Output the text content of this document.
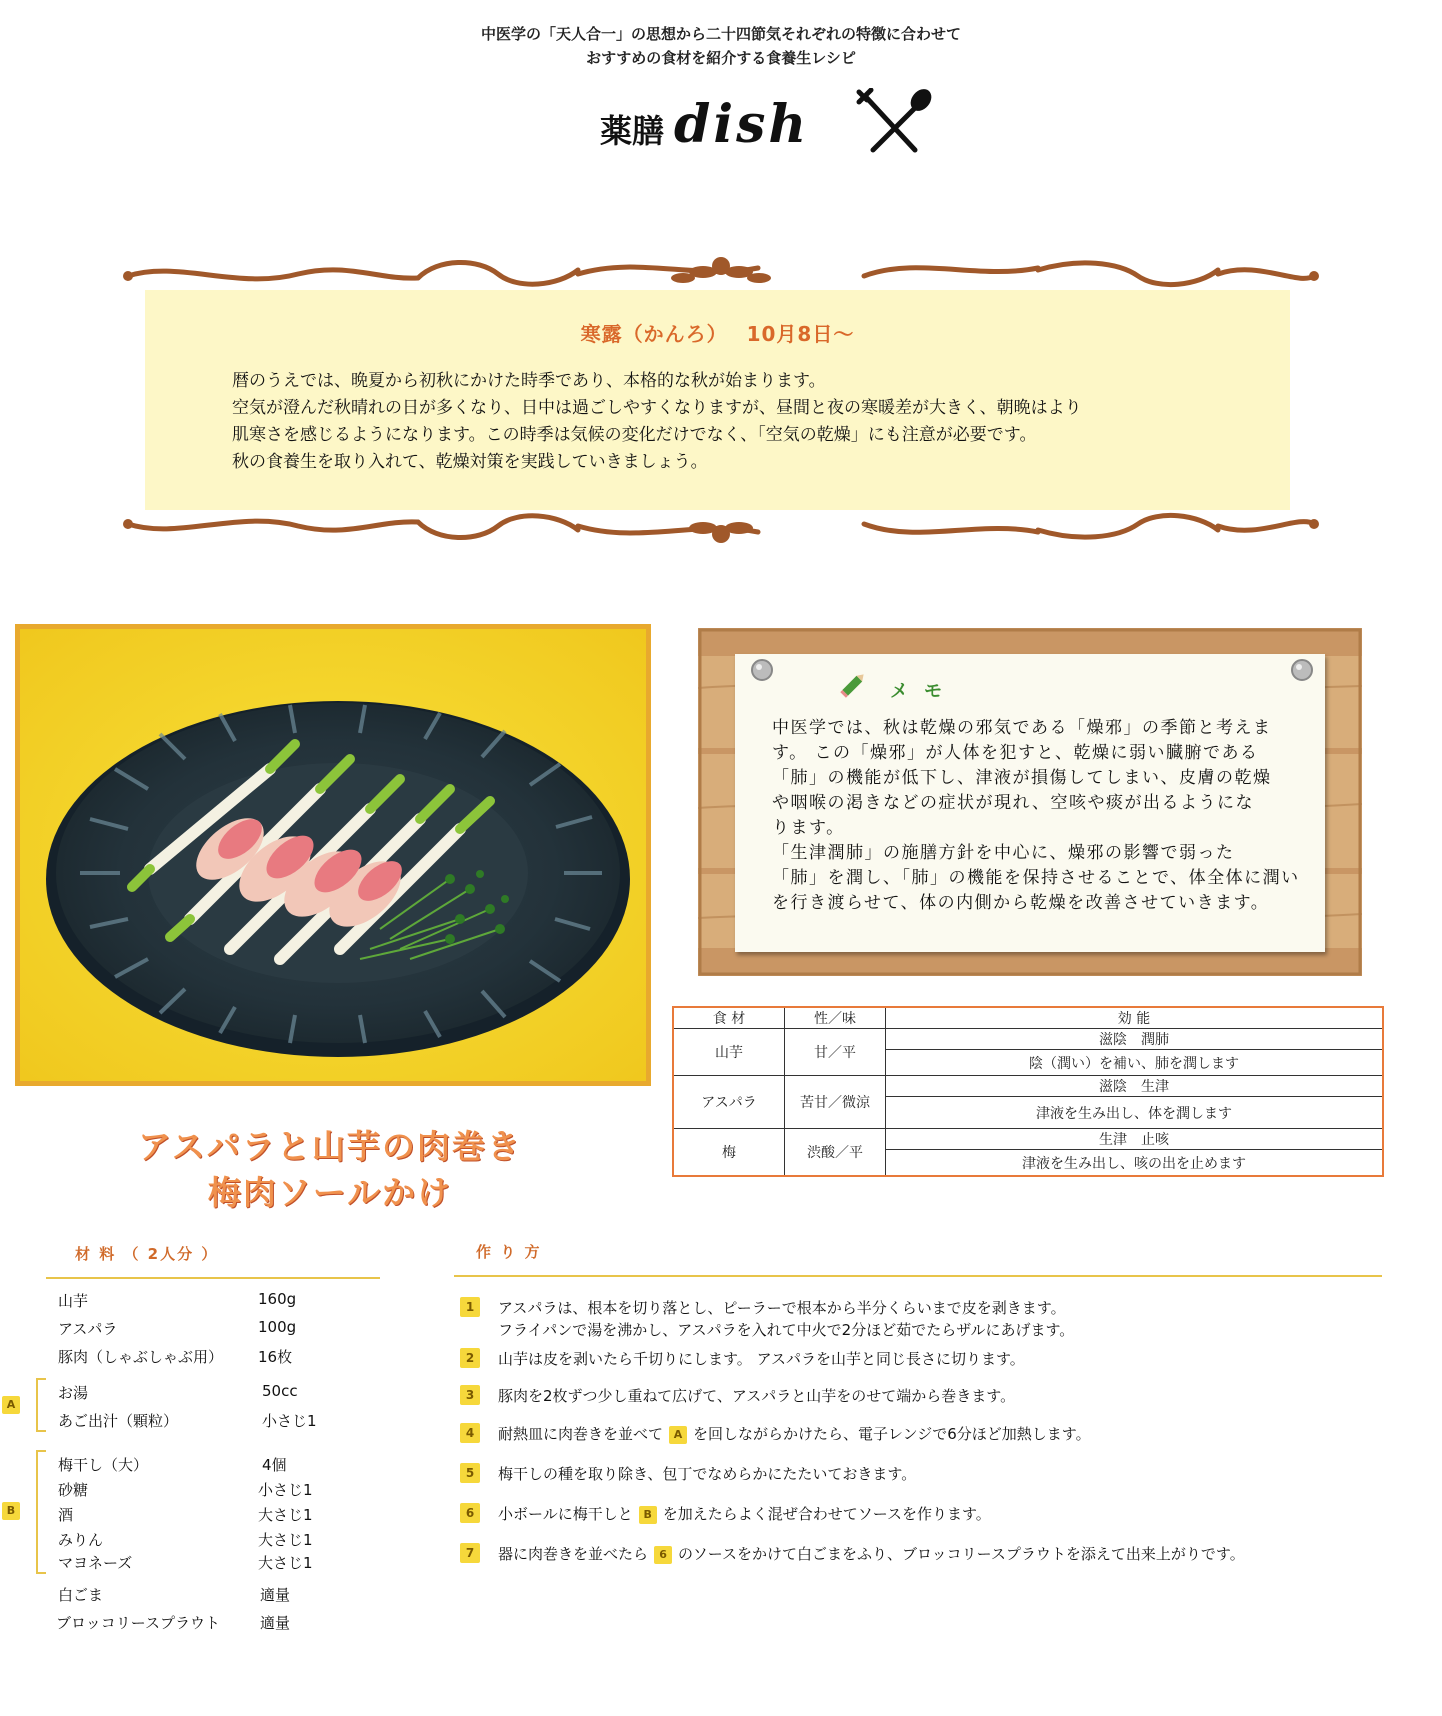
中医学の「天人合一」の思想から二十四節気それぞれの特徴に合わせて
おすすめの食材を紹介する食養生レシピ
薬膳 dish
寒露（かんろ）　 10月8日～

暦のうえでは、晩夏から初秋にかけた時季であり、本格的な秋が始まります。

空気が澄んだ秋晴れの日が多くなり、日中は過ごしやすくなりますが、昼間と夜の寒暖差が大きく、朝晩はより

肌寒さを感じるようになります。この時季は気候の変化だけでなく、「空気の乾燥」にも注意が必要です。

秋の食養生を取り入れて、乾燥対策を実践していきましょう。

メモ

中医学では、秋は乾燥の邪気である「燥邪」の季節と考えま

す。 この「燥邪」が人体を犯すと、乾燥に弱い臓腑である

「肺」の機能が低下し、津液が損傷してしまい、皮膚の乾燥

や咽喉の渇きなどの症状が現れ、空咳や痰が出るようにな

ります。

「生津潤肺」の施膳方針を中心に、燥邪の影響で弱った

「肺」を潤し、「肺」の機能を保持させることで、体全体に潤い

を行き渡らせて、体の内側から乾燥を改善させていきます。

食 材	性／味	効 能
山芋	甘／平	滋陰　潤肺
		陰（潤い）を補い、肺を潤します
アスパラ	苦甘／微涼	滋陰　生津
		津液を生み出し、体を潤します
梅	渋酸／平	生津　止咳
		津液を生み出し、咳の出を止めます
アスパラと山芋の肉巻き
梅肉ソールかけ
材 料 （ 2人分 ）
山芋	160g
アスパラ	100g
豚肉（しゃぶしゃぶ用） 16枚
A
お湯	50cc
あご出汁（顆粒）	小さじ1
B
梅干し（大）	4個
砂糖	小さじ1
酒	大さじ1
みりん	大さじ1
マヨネーズ	大さじ1
白ごま	適量
ブロッコリースプラウト	適量
作 り 方
1	アスパラは、根本を切り落とし、ピーラーで根本から半分くらいまで皮を剥きます。
フライパンで湯を沸かし、アスパラを入れて中火で2分ほど茹でたらザルにあげます。
2	山芋は皮を剥いたら千切りにします。 アスパラを山芋と同じ長さに切ります。
3	豚肉を2枚ずつ少し重ねて広げて、アスパラと山芋をのせて端から巻きます。
4	耐熱皿に肉巻きを並べて A を回しながらかけたら、電子レンジで6分ほど加熱します。
5	梅干しの種を取り除き、包丁でなめらかにたたいておきます。
6	小ボールに梅干しと B を加えたらよく混ぜ合わせてソースを作ります。
7	器に肉巻きを並べたら 6 のソースをかけて白ごまをふり、ブロッコリースプラウトを添えて出来上がりです。
